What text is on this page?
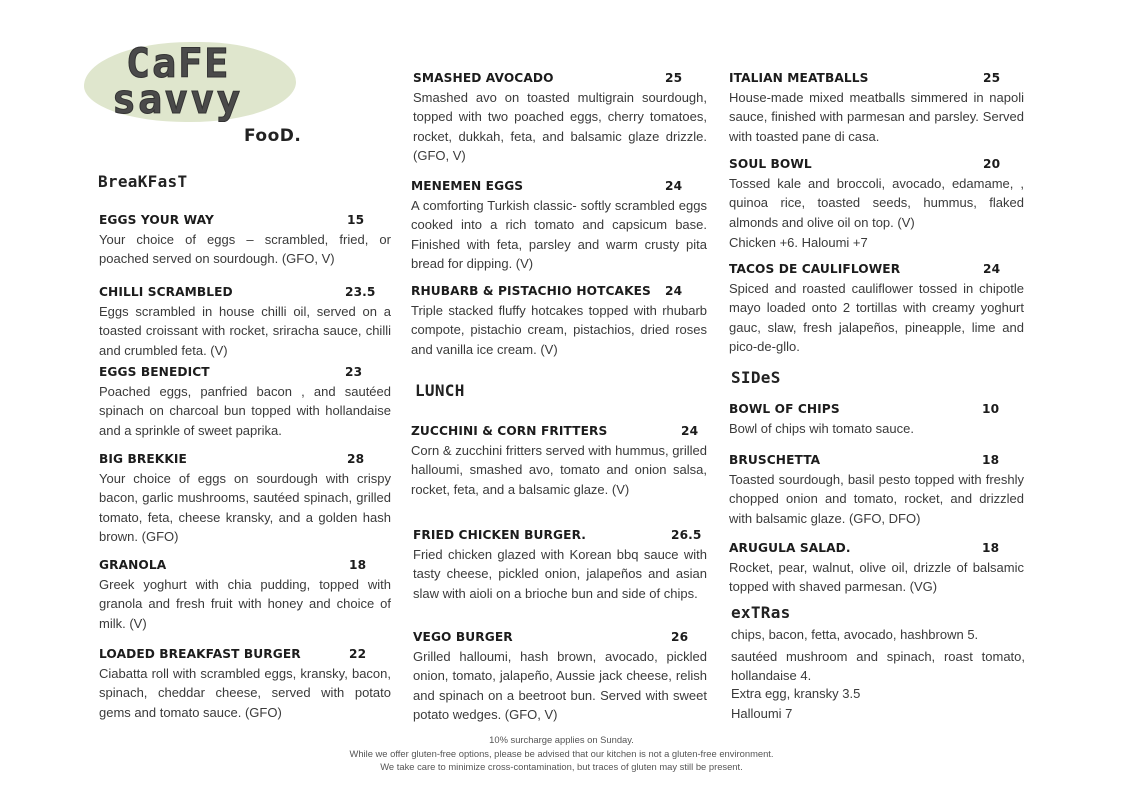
CaFE
savvy
FooD.
BreaKFasT
LUNCH
SIDeS
exTRas
EGGS YOUR WAY	15
Your choice of eggs – scrambled, fried, or poached served on sourdough. (GFO, V)
CHILLI SCRAMBLED	23.5
Eggs scrambled in house chilli oil, served on a toasted croissant with rocket, sriracha sauce, chilli and crumbled feta. (V)
EGGS BENEDICT	23
Poached eggs, panfried bacon , and sautéed spinach on charcoal bun topped with hollandaise and a sprinkle of sweet paprika.
BIG BREKKIE	28
Your choice of eggs on sourdough with crispy bacon, garlic mushrooms, sautéed spinach, grilled tomato, feta, cheese kransky, and a golden hash brown. (GFO)
GRANOLA	18
Greek yoghurt with chia pudding, topped with granola and fresh fruit with honey and choice of milk. (V)
LOADED BREAKFAST BURGER	22
Ciabatta roll with scrambled eggs, kransky, bacon, spinach, cheddar cheese, served with potato gems and tomato sauce. (GFO)
SMASHED AVOCADO	25
Smashed avo on toasted multigrain sourdough, topped with two poached eggs, cherry tomatoes, rocket, dukkah, feta, and balsamic glaze drizzle. (GFO, V)
MENEMEN EGGS	24
A comforting Turkish classic- softly scrambled eggs cooked into a rich tomato and capsicum base. Finished with feta, parsley and warm crusty pita bread for dipping. (V)
RHUBARB & PISTACHIO HOTCAKES 24
Triple stacked fluffy hotcakes topped with rhubarb compote, pistachio cream, pistachios, dried roses and vanilla ice cream. (V)
ZUCCHINI & CORN FRITTERS	24
Corn & zucchini fritters served with hummus, grilled halloumi, smashed avo, tomato and onion salsa, rocket, feta, and a balsamic glaze. (V)
FRIED CHICKEN BURGER.	26.5
Fried chicken glazed with Korean bbq sauce with tasty cheese, pickled onion, jalapeños and asian slaw with aioli on a brioche bun and side of chips.
VEGO BURGER	26
Grilled halloumi, hash brown, avocado, pickled onion, tomato, jalapeño, Aussie jack cheese, relish and spinach on a beetroot bun. Served with sweet potato wedges. (GFO, V)
ITALIAN MEATBALLS	25
House-made mixed meatballs simmered in napoli sauce, finished with parmesan and parsley. Served with toasted pane di casa.
SOUL BOWL	20
Tossed kale and broccoli, avocado, edamame, , quinoa rice, toasted seeds, hummus, flaked almonds and olive oil on top. (V)
Chicken +6. Haloumi +7
TACOS DE CAULIFLOWER	24
Spiced and roasted cauliflower tossed in chipotle mayo loaded onto 2 tortillas with creamy yoghurt gauc, slaw, fresh jalapeños, pineapple, lime and pico-de-gllo.
BOWL OF CHIPS	10
Bowl of chips wih tomato sauce.
BRUSCHETTA	18
Toasted sourdough, basil pesto topped with freshly chopped onion and tomato, rocket, and drizzled with balsamic glaze. (GFO, DFO)
ARUGULA SALAD.	18
Rocket, pear, walnut, olive oil, drizzle of balsamic topped with shaved parmesan. (VG)
chips, bacon, fetta, avocado, hashbrown 5.
sautéed mushroom and spinach, roast tomato, hollandaise 4.
Extra egg, kransky 3.5
Halloumi 7
10% surcharge applies on Sunday.
While we offer gluten-free options, please be advised that our kitchen is not a gluten-free environment.
We take care to minimize cross-contamination, but traces of gluten may still be present.
